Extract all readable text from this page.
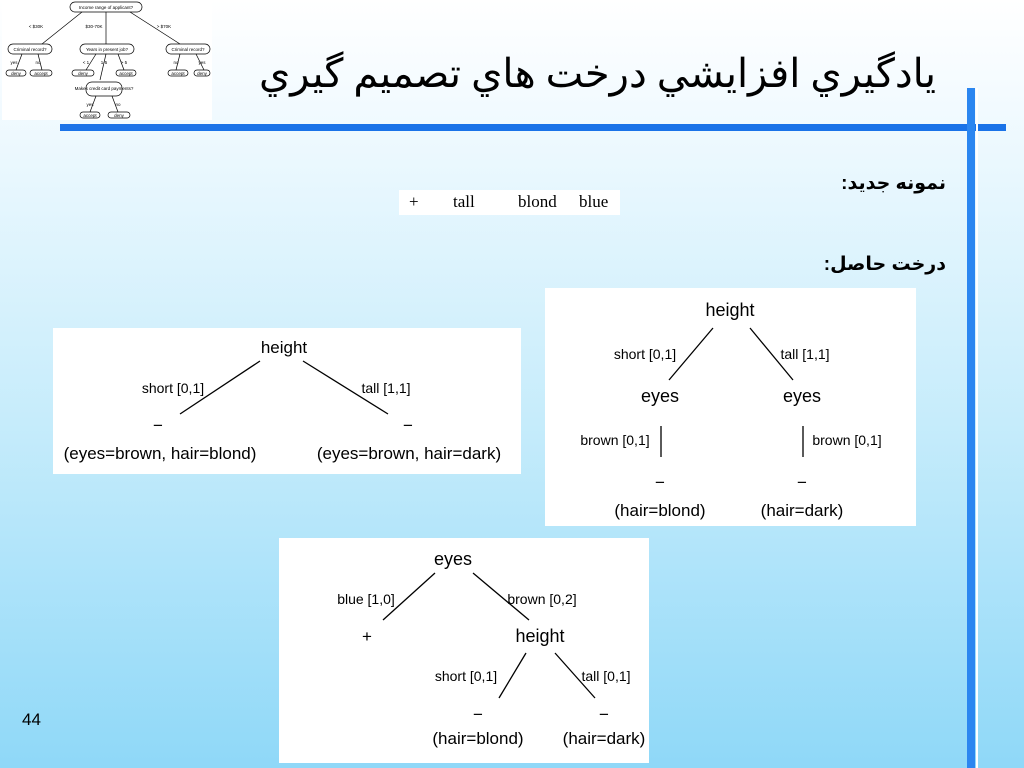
Income range of applicant?
< $30K	$30-70K	> $70K
Criminal record?	Years in present job?	Criminal record?
yes	no	< 1	1-5	> 5	no	yes
deny	accept	deny	accept	accept	deny
Makes credit card payments?
yes	no
accept	deny
يادگيري افزايشي درخت هاي تصميم گيري
نمونه جديد:
+ tall	blond blue
درخت حاصل:
height
short [0,1]	tall [1,1]
−	−
(eyes=brown, hair=blond)	(eyes=brown, hair=dark)
height
short [0,1]	tall [1,1]
eyes	eyes
brown [0,1]	brown [0,1]
−	−
(hair=blond)	(hair=dark)
eyes
blue [1,0]	brown [0,2]
+	height
short [0,1]	tall [0,1]
−	−
(hair=blond) (hair=dark)
44
